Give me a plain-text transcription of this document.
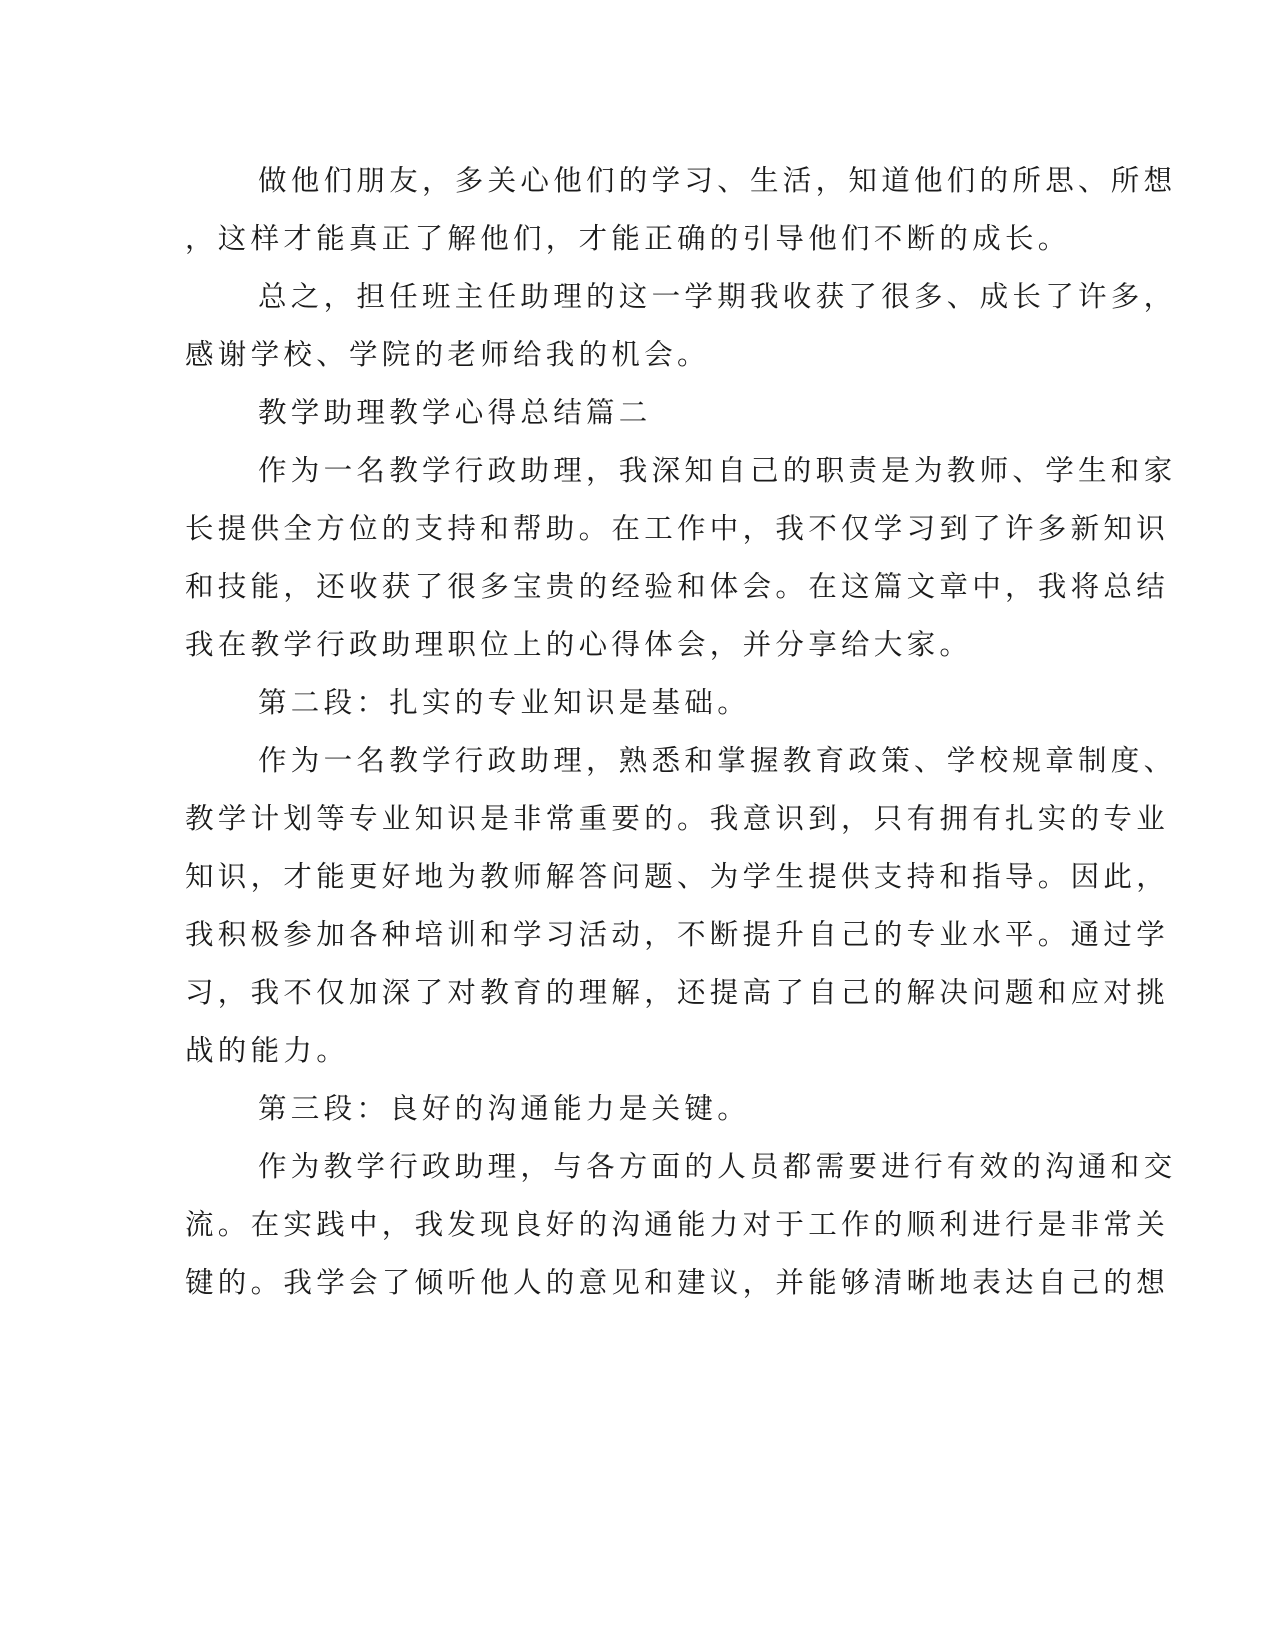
做他们朋友，多关心他们的学习、生活，知道他们的所思、所想
，这样才能真正了解他们，才能正确的引导他们不断的成长。
总之，担任班主任助理的这一学期我收获了很多、成长了许多，
感谢学校、学院的老师给我的机会。
教学助理教学心得总结篇二
作为一名教学行政助理，我深知自己的职责是为教师、学生和家
长提供全方位的支持和帮助。在工作中，我不仅学习到了许多新知识
和技能，还收获了很多宝贵的经验和体会。在这篇文章中，我将总结
我在教学行政助理职位上的心得体会，并分享给大家。
第二段：扎实的专业知识是基础。
作为一名教学行政助理，熟悉和掌握教育政策、学校规章制度、
教学计划等专业知识是非常重要的。我意识到，只有拥有扎实的专业
知识，才能更好地为教师解答问题、为学生提供支持和指导。因此，
我积极参加各种培训和学习活动，不断提升自己的专业水平。通过学
习，我不仅加深了对教育的理解，还提高了自己的解决问题和应对挑
战的能力。
第三段：良好的沟通能力是关键。
作为教学行政助理，与各方面的人员都需要进行有效的沟通和交
流。在实践中，我发现良好的沟通能力对于工作的顺利进行是非常关
键的。我学会了倾听他人的意见和建议，并能够清晰地表达自己的想
